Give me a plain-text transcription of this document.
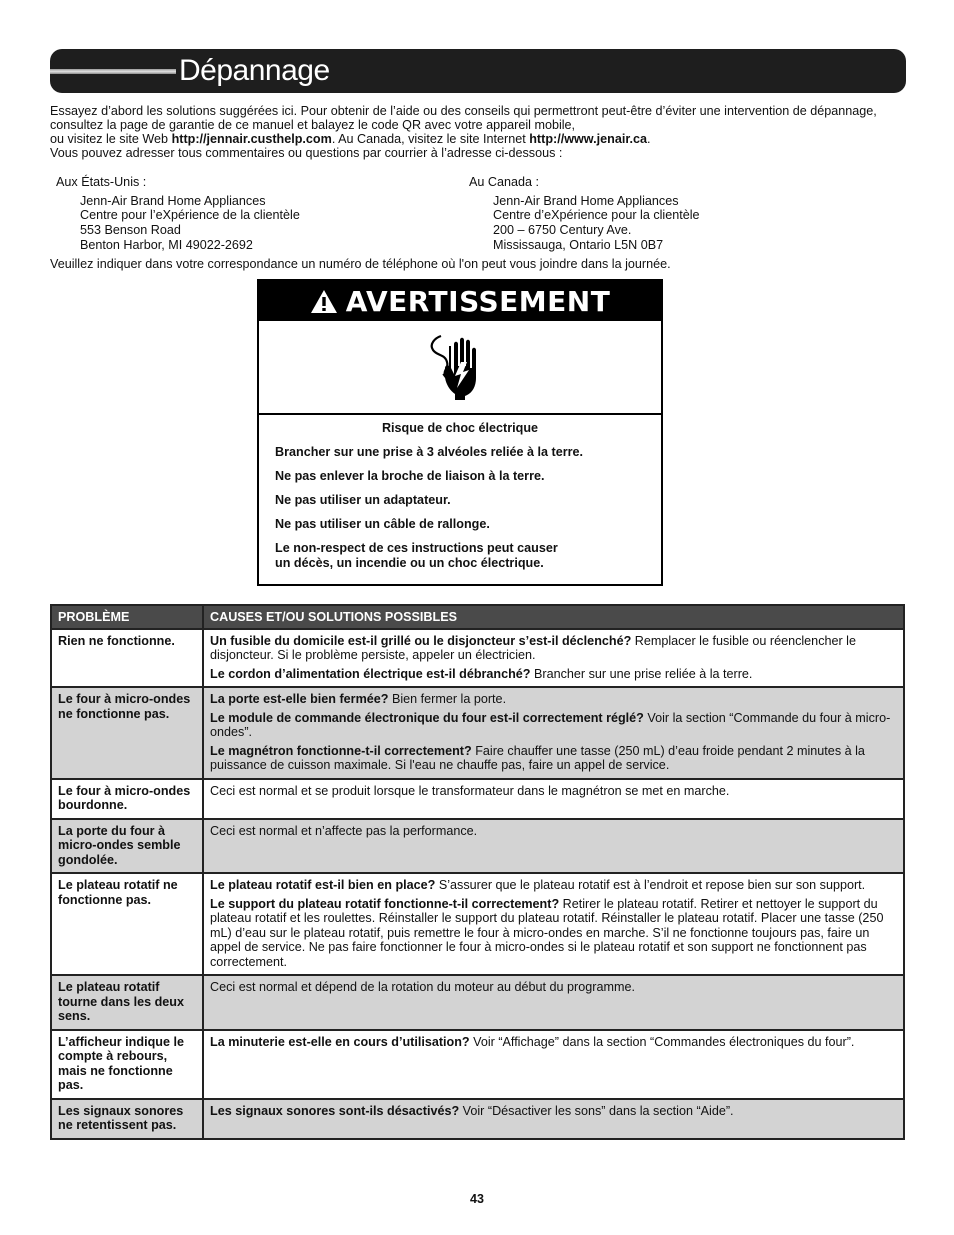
Dépannage

Essayez d’abord les solutions suggérées ici. Pour obtenir de l’aide ou des conseils qui permettront peut-être d’éviter une intervention de dépannage, consultez la page de garantie de ce manuel et balayez le code QR avec votre appareil mobile,

ou visitez le site Web http://jennair.custhelp.com. Au Canada, visitez le site Internet http://www.jenair.ca.

Vous pouvez adresser tous commentaires ou questions par courrier à l’adresse ci-dessous :

Aux États-Unis :
Jenn-Air Brand Home Appliances
Centre pour l’eXpérience de la clientèle
553 Benson Road
Benton Harbor, MI 49022-2692
Au Canada :
Jenn-Air Brand Home Appliances
Centre d’eXpérience pour la clientèle
200 – 6750 Century Ave.
Mississauga, Ontario L5N 0B7
Veuillez indiquer dans votre correspondance un numéro de téléphone où l'on peut vous joindre dans la journée.
AVERTISSEMENT
Risque de choc électrique
Brancher sur une prise à 3 alvéoles reliée à la terre.
Ne pas enlever la broche de liaison à la terre.
Ne pas utiliser un adaptateur.
Ne pas utiliser un câble de rallonge.
Le non-respect de ces instructions peut causer
un décès, un incendie ou un choc électrique.
PROBLÈME	CAUSES ET/OU SOLUTIONS POSSIBLES
Rien ne fonctionne.	Un fusible du domicile est-il grillé ou le disjoncteur s’est-il déclenché? Remplacer le fusible ou réenclencher le disjoncteur. Si le problème persiste, appeler un électricien.

Le cordon d’alimentation électrique est-il débranché? Brancher sur une prise reliée à la terre.

Le four à micro-ondes ne fonctionne pas.	La porte est-elle bien fermée? Bien fermer la porte.

Le module de commande électronique du four est-il correctement réglé? Voir la section “Commande du four à micro-ondes”.

Le magnétron fonctionne-t-il correctement? Faire chauffer une tasse (250 mL) d’eau froide pendant 2 minutes à la puissance de cuisson maximale. Si l'eau ne chauffe pas, faire un appel de service.

Le four à micro-ondes bourdonne.	Ceci est normal et se produit lorsque le transformateur dans le magnétron se met en marche.

La porte du four à micro-ondes semble gondolée.	Ceci est normal et n’affecte pas la performance.

Le plateau rotatif ne fonctionne pas.	Le plateau rotatif est-il bien en place? S’assurer que le plateau rotatif est à l’endroit et repose bien sur son support.

Le support du plateau rotatif fonctionne-t-il correctement? Retirer le plateau rotatif. Retirer et nettoyer le support du plateau rotatif et les roulettes. Réinstaller le support du plateau rotatif. Réinstaller le plateau rotatif. Placer une tasse (250 mL) d’eau sur le plateau rotatif, puis remettre le four à micro-ondes en marche. S’il ne fonctionne toujours pas, faire un appel de service. Ne pas faire fonctionner le four à micro-ondes si le plateau rotatif et son support ne fonctionnent pas correctement.

Le plateau rotatif tourne dans les deux sens.	Ceci est normal et dépend de la rotation du moteur au début du programme.

L’afficheur indique le compte à rebours, mais ne fonctionne pas.	La minuterie est-elle en cours d’utilisation? Voir “Affichage” dans la section “Commandes électroniques du four”.

Les signaux sonores ne retentissent pas.	Les signaux sonores sont-ils désactivés? Voir “Désactiver les sons” dans la section “Aide”.

43
